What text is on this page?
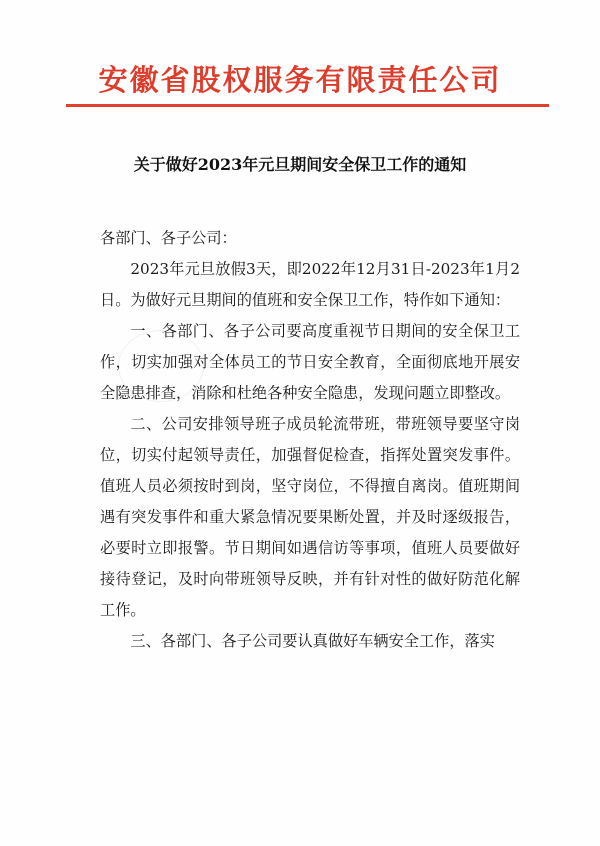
安徽省股权服务有限责任公司
关于做好2023年元旦期间安全保卫工作的通知
各部门、各子公司：

2023年元旦放假3天，即2022年12月31日-2023年1月2日。为做好元旦期间的值班和安全保卫工作，特作如下通知：

一、各部门、各子公司要高度重视节日期间的安全保卫工作，切实加强对全体员工的节日安全教育，全面彻底地开展安全隐患排查，消除和杜绝各种安全隐患，发现问题立即整改。

二、公司安排领导班子成员轮流带班，带班领导要坚守岗位，切实付起领导责任，加强督促检查，指挥处置突发事件。值班人员必须按时到岗，坚守岗位，不得擅自离岗。值班期间遇有突发事件和重大紧急情况要果断处置，并及时逐级报告，必要时立即报警。节日期间如遇信访等事项，值班人员要做好接待登记，及时向带班领导反映，并有针对性的做好防范化解工作。

三、各部门、各子公司要认真做好车辆安全工作，落实
